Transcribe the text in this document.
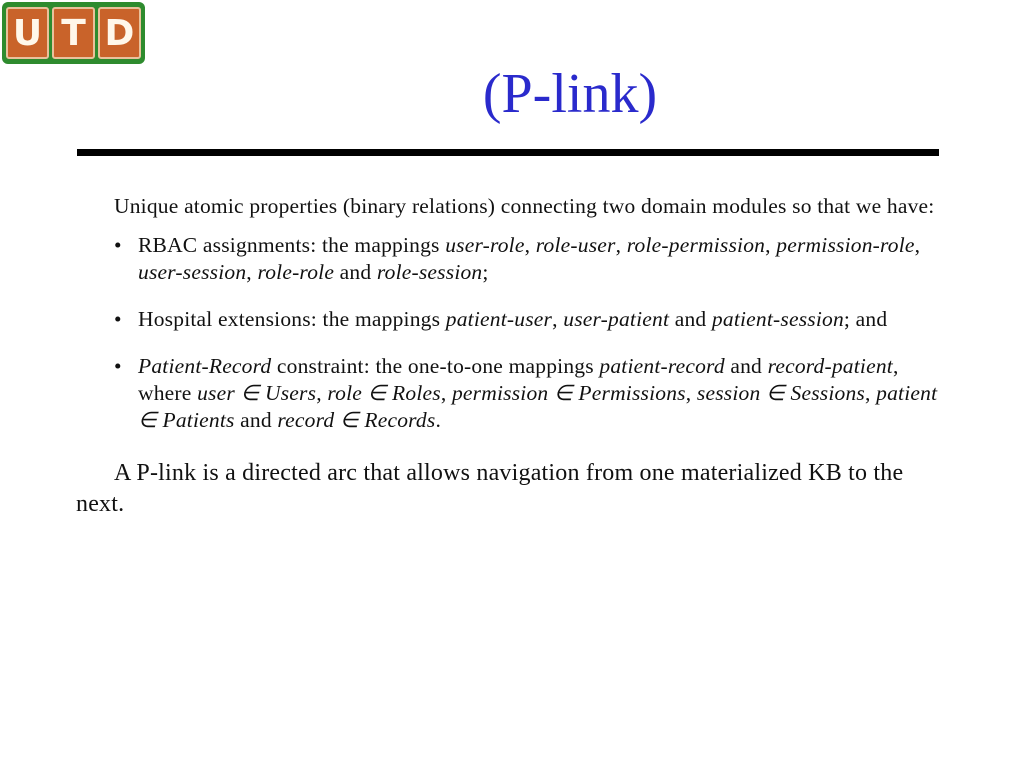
U T D
(P-link)

Unique atomic properties (binary relations) connecting two domain modules so that we have:

• RBAC assignments: the mappings user-role, role-user, role-permission, permission-role, user-session, role-role and role-session;
• Hospital extensions: the mappings patient-user, user-patient and patient-session; and
• Patient-Record constraint: the one-to-one mappings patient-record and record-patient,
where user ∈ Users, role ∈ Roles, permission ∈ Permissions, session ∈ Sessions, patient ∈ Patients and record ∈ Records.

A P-link is a directed arc that allows navigation from one materialized KB to the next.
